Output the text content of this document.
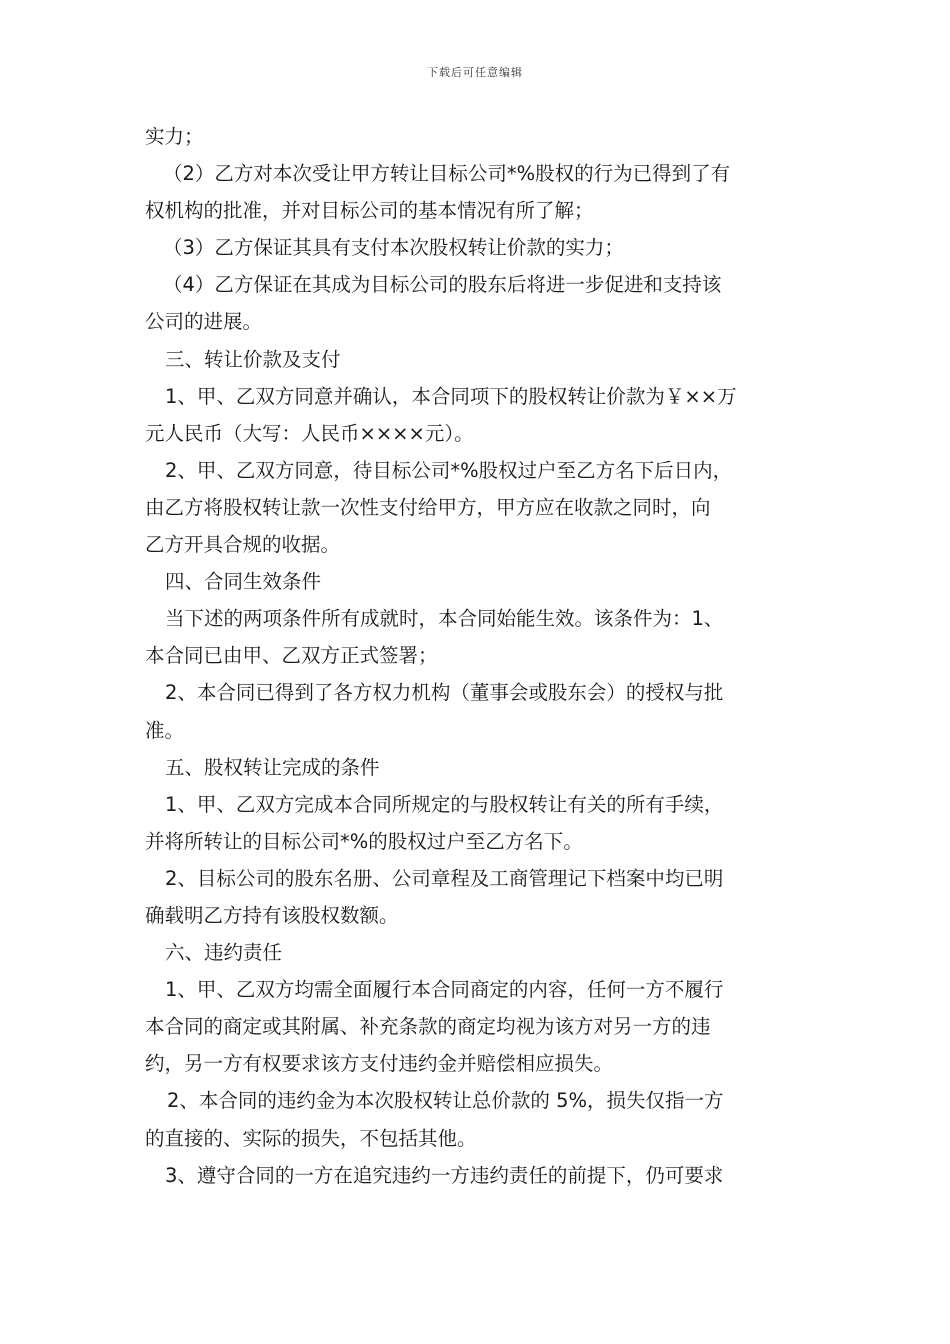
下载后可任意编辑
实力；
（2）乙方对本次受让甲方转让目标公司*%股权的行为已得到了有
权机构的批准，并对目标公司的基本情况有所了解；
（3）乙方保证其具有支付本次股权转让价款的实力；
（4）乙方保证在其成为目标公司的股东后将进一步促进和支持该
公司的进展。
三、转让价款及支付
1、甲、乙双方同意并确认，本合同项下的股权转让价款为￥××万
元人民币（大写：人民币××××元）。
2、甲、乙双方同意，待目标公司*%股权过户至乙方名下后日内，
由乙方将股权转让款一次性支付给甲方，甲方应在收款之同时，向
乙方开具合规的收据。
四、合同生效条件
当下述的两项条件所有成就时，本合同始能生效。该条件为：1、
本合同已由甲、乙双方正式签署；
2、本合同已得到了各方权力机构（董事会或股东会）的授权与批
准。
五、股权转让完成的条件
1、甲、乙双方完成本合同所规定的与股权转让有关的所有手续，
并将所转让的目标公司*%的股权过户至乙方名下。
2、目标公司的股东名册、公司章程及工商管理记下档案中均已明
确载明乙方持有该股权数额。
六、违约责任
1、甲、乙双方均需全面履行本合同商定的内容，任何一方不履行
本合同的商定或其附属、补充条款的商定均视为该方对另一方的违
约，另一方有权要求该方支付违约金并赔偿相应损失。
2、本合同的违约金为本次股权转让总价款的 5%，损失仅指一方
的直接的、实际的损失，不包括其他。
3、遵守合同的一方在追究违约一方违约责任的前提下，仍可要求
